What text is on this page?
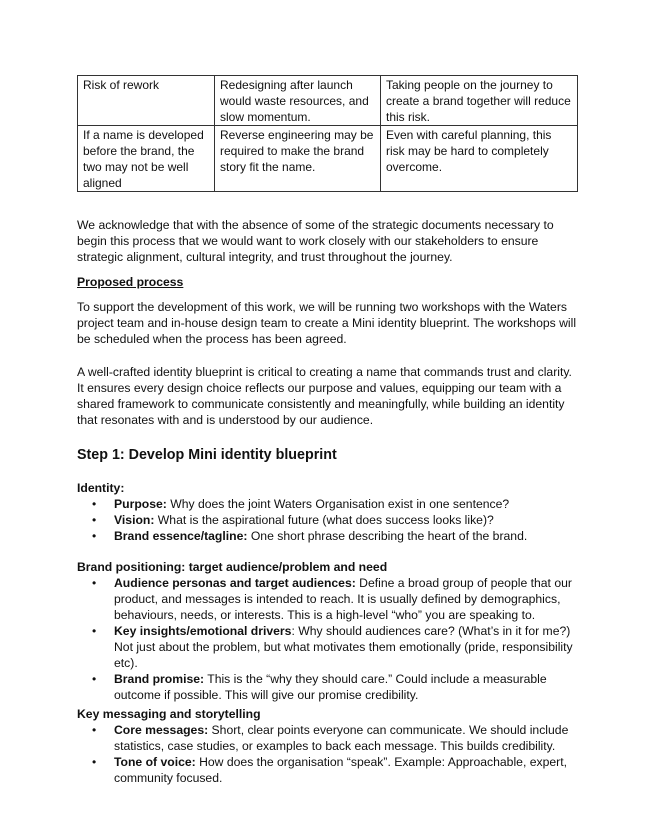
Risk of rework	Redesigning after launch would waste resources, and slow momentum.	Taking people on the journey to create a brand together will reduce this risk.
If a name is developed before the brand, the two may not be well aligned	Reverse engineering may be required to make the brand story fit the name.	Even with careful planning, this risk may be hard to completely overcome.

We acknowledge that with the absence of some of the strategic documents necessary to begin this process that we would want to work closely with our stakeholders to ensure strategic alignment, cultural integrity, and trust throughout the journey.

Proposed process

To support the development of this work, we will be running two workshops with the Waters project team and in-house design team to create a Mini identity blueprint. The workshops will be scheduled when the process has been agreed.

A well-crafted identity blueprint is critical to creating a name that commands trust and clarity. It ensures every design choice reflects our purpose and values, equipping our team with a shared framework to communicate consistently and meaningfully, while building an identity that resonates with and is understood by our audience.

Step 1: Develop Mini identity blueprint

Identity:

• Purpose: Why does the joint Waters Organisation exist in one sentence?
• Vision: What is the aspirational future (what does success looks like)?
• Brand essence/tagline: One short phrase describing the heart of the brand.

Brand positioning: target audience/problem and need

• Audience personas and target audiences: Define a broad group of people that our product, and messages is intended to reach. It is usually defined by demographics, behaviours, needs, or interests. This is a high-level “who” you are speaking to.
• Key insights/emotional drivers: Why should audiences care? (What’s in it for me?) Not just about the problem, but what motivates them emotionally (pride, responsibility etc).
• Brand promise: This is the “why they should care.” Could include a measurable outcome if possible. This will give our promise credibility.

Key messaging and storytelling

• Core messages: Short, clear points everyone can communicate. We should include statistics, case studies, or examples to back each message. This builds credibility.
• Tone of voice: How does the organisation “speak”. Example: Approachable, expert, community focused.
